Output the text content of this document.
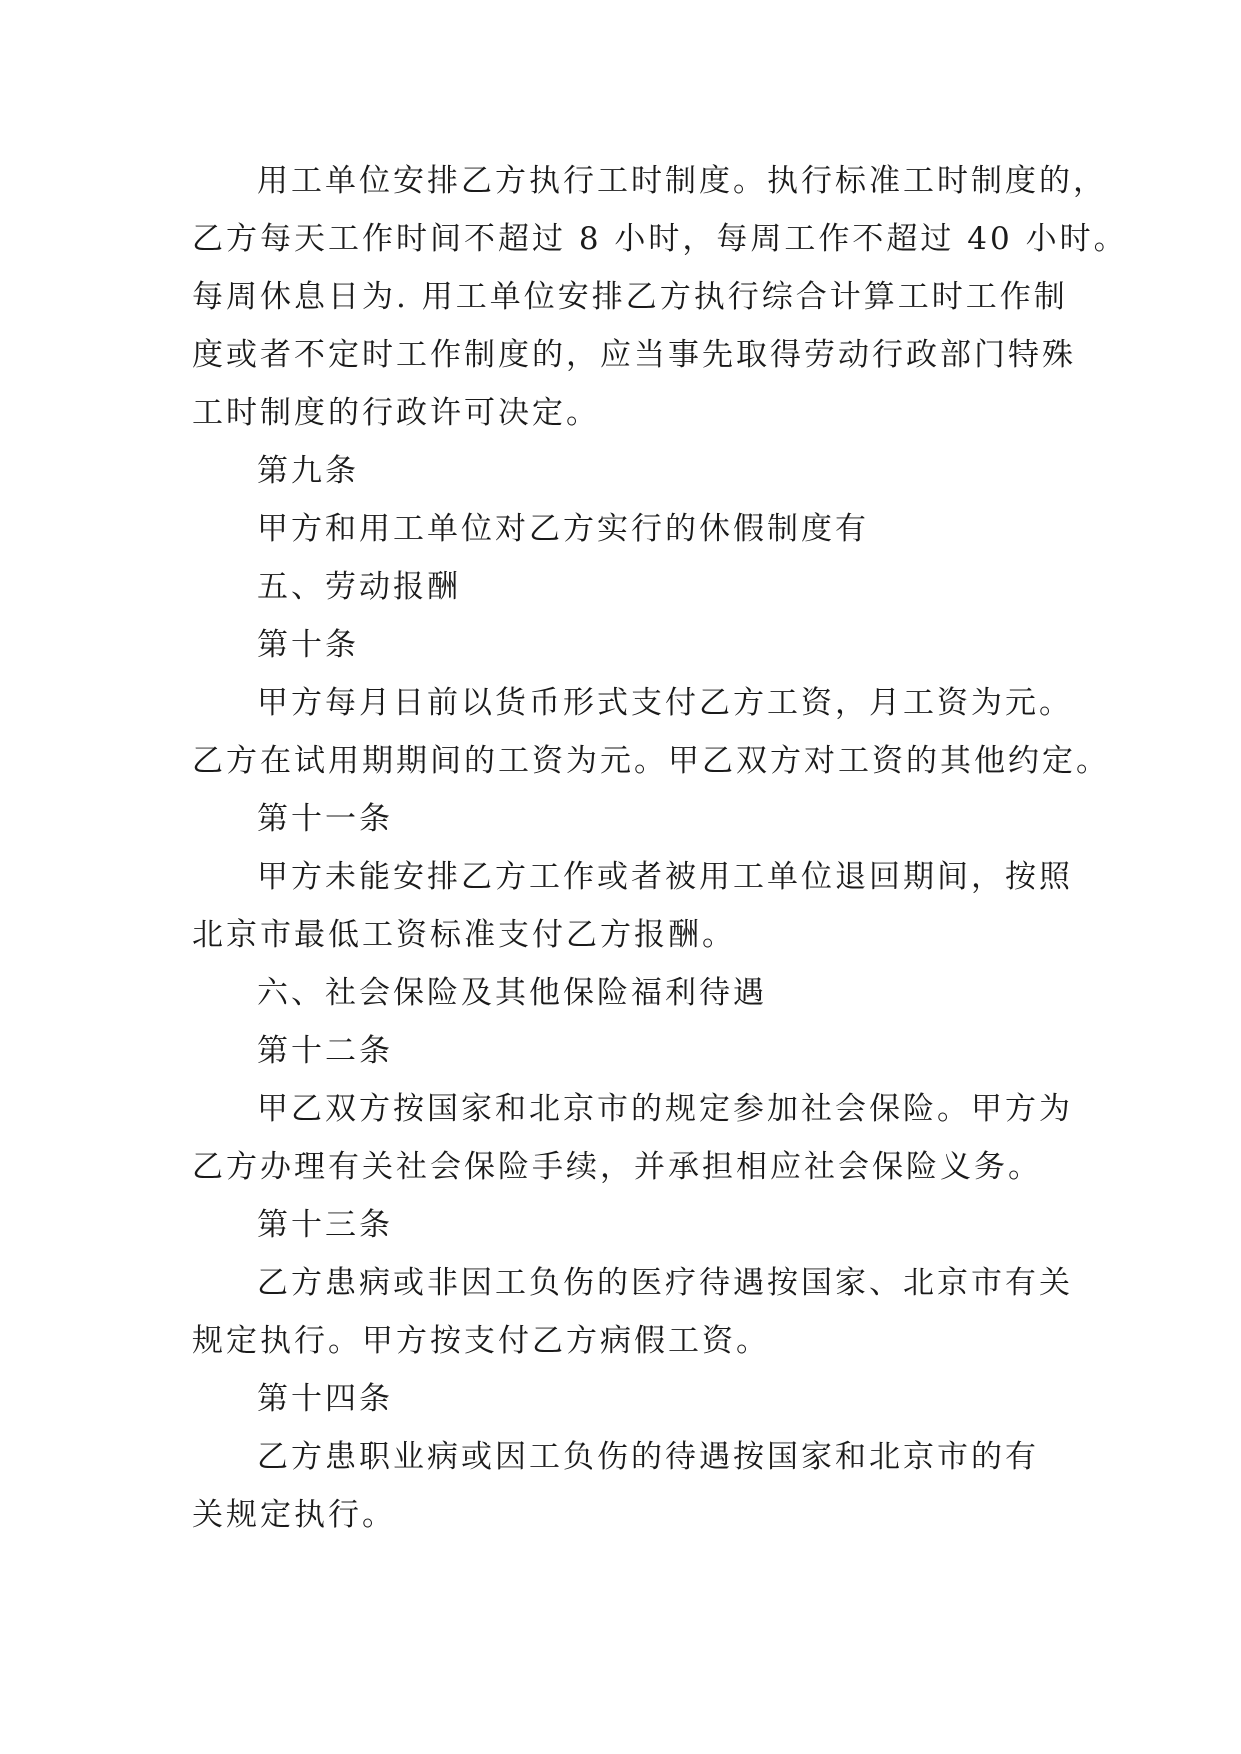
用工单位安排乙方执行工时制度。执行标准工时制度的，
乙方每天工作时间不超过 8 小时，每周工作不超过 40 小时。
每周休息日为. 用工单位安排乙方执行综合计算工时工作制
度或者不定时工作制度的，应当事先取得劳动行政部门特殊
工时制度的行政许可决定。
第九条
甲方和用工单位对乙方实行的休假制度有
五、劳动报酬
第十条
甲方每月日前以货币形式支付乙方工资，月工资为元。
乙方在试用期期间的工资为元。甲乙双方对工资的其他约定。
第十一条
甲方未能安排乙方工作或者被用工单位退回期间，按照
北京市最低工资标准支付乙方报酬。
六、社会保险及其他保险福利待遇
第十二条
甲乙双方按国家和北京市的规定参加社会保险。甲方为
乙方办理有关社会保险手续，并承担相应社会保险义务。
第十三条
乙方患病或非因工负伤的医疗待遇按国家、北京市有关
规定执行。甲方按支付乙方病假工资。
第十四条
乙方患职业病或因工负伤的待遇按国家和北京市的有
关规定执行。
